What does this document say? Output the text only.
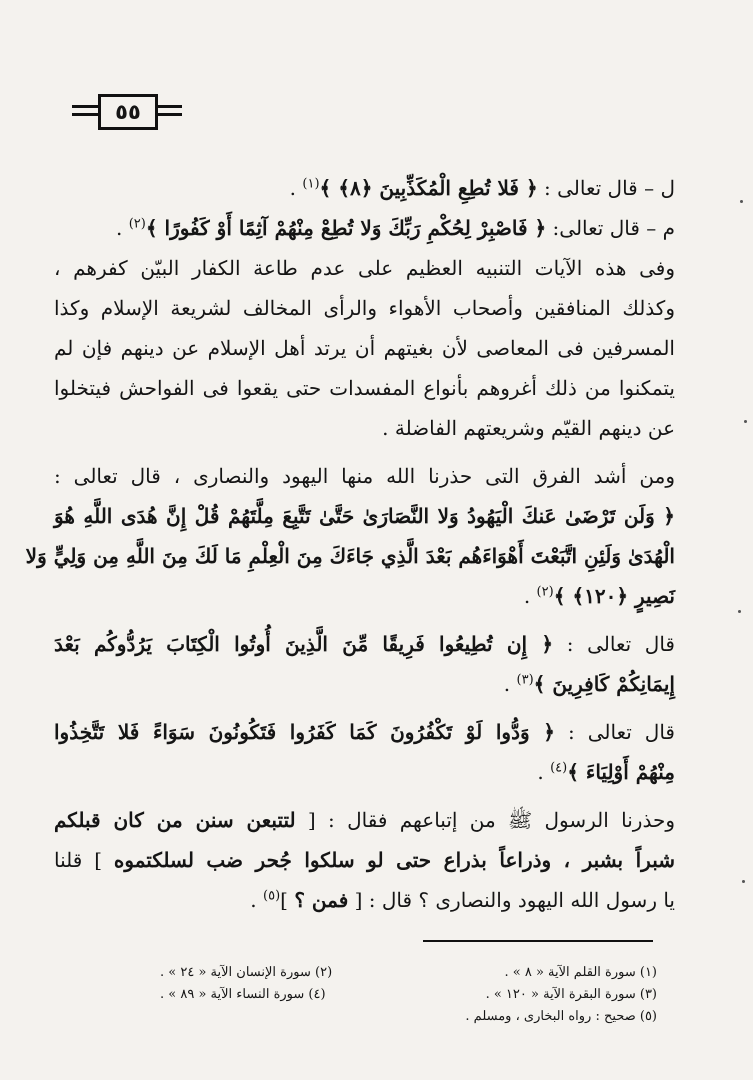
٥٥
ل – قال تعالى : ﴿ فَلا تُطِعِ الْمُكَذِّبِينَ ﴿٨﴾ ﴾$^{(١)}$ .
م – قال تعالى: ﴿ فَاصْبِرْ لِحُكْمِ رَبِّكَ وَلا تُطِعْ مِنْهُمْ آثِمًا أَوْ كَفُورًا ﴾$^{(٢)}$ .
وفى هذه الآيات التنبيه العظيم على عدم طاعة الكفار البيّن كفرهم ،
وكذلك المنافقين وأصحاب الأهواء والرأى المخالف لشريعة الإسلام وكذا
المسرفين فى المعاصى لأن بغيتهم أن يرتد أهل الإسلام عن دينهم فإن لم
يتمكنوا من ذلك أغروهم بأنواع المفسدات حتى يقعوا فى الفواحش فيتخلوا
عن دينهم القيّم وشريعتهم الفاضلة .
ومن أشد الفرق التى حذرنا الله منها اليهود والنصارى ، قال تعالى :
﴿ وَلَن تَرْضَىٰ عَنكَ الْيَهُودُ وَلا النَّصَارَىٰ حَتَّىٰ تَتَّبِعَ مِلَّتَهُمْ قُلْ إِنَّ هُدَى اللَّهِ هُوَ
الْهُدَىٰ وَلَئِنِ اتَّبَعْتَ أَهْوَاءَهُم بَعْدَ الَّذِي جَاءَكَ مِنَ الْعِلْمِ مَا لَكَ مِنَ اللَّهِ مِن وَلِيٍّ وَلا
نَصِيرٍ ﴿١٢٠﴾ ﴾$^{(٢)}$ .
قال تعالى : ﴿ إِن تُطِيعُوا فَرِيقًا مِّنَ الَّذِينَ أُوتُوا الْكِتَابَ يَرُدُّوكُم بَعْدَ
إِيمَانِكُمْ كَافِرِينَ ﴾$^{(٣)}$ .
قال تعالى : ﴿ وَدُّوا لَوْ تَكْفُرُونَ كَمَا كَفَرُوا فَتَكُونُونَ سَوَاءً فَلا تَتَّخِذُوا
مِنْهُمْ أَوْلِيَاءَ ﴾$^{(٤)}$ .
وحذرنا الرسول ﷺ من إتباعهم فقال : [ لتتبعن سنن من كان قبلكم
شبراً بشبر ، وذراعاً بذراع حتى لو سلكوا جُحر ضب لسلكتموه ] قلنا
يا رسول الله اليهود والنصارى ؟ قال : [ فمن ؟ ]$^{(٥)}$ .
(١) سورة القلم الآية « ٨ » .
(٢) سورة الإنسان الآية « ٢٤ » .
(٣) سورة البقرة الآية « ١٢٠ » .
(٤) سورة النساء الآية « ٨٩ » .
(٥) صحيح : رواه البخارى ، ومسلم .
